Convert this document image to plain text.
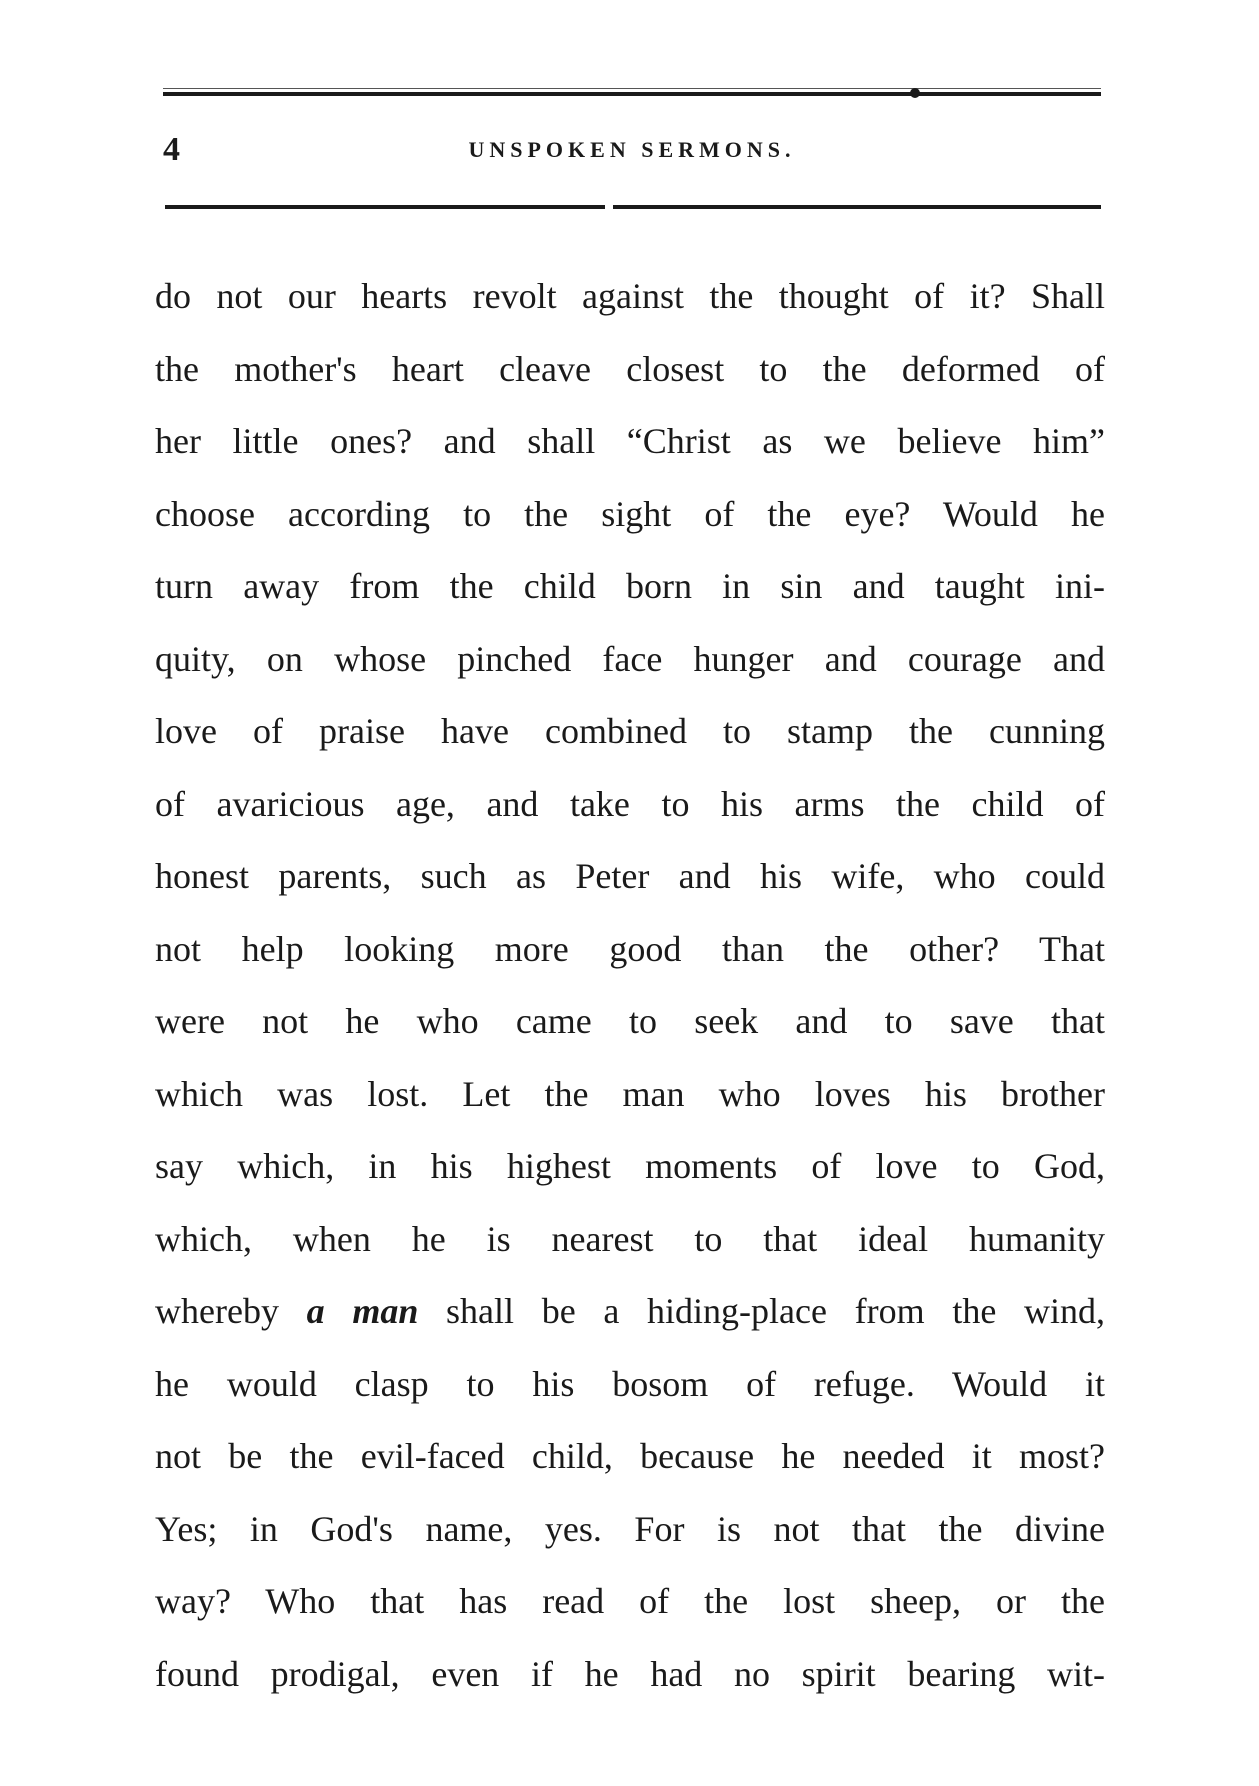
4	UNSPOKEN SERMONS.
do not our hearts revolt against the thought of it? Shall
the mother's heart cleave closest to the deformed of
her little ones? and shall “Christ as we believe him”
choose according to the sight of the eye? Would he
turn away from the child born in sin and taught ini-
quity, on whose pinched face hunger and courage and
love of praise have combined to stamp the cunning
of avaricious age, and take to his arms the child of
honest parents, such as Peter and his wife, who could
not help looking more good than the other? That
were not he who came to seek and to save that
which was lost. Let the man who loves his brother
say which, in his highest moments of love to God,
which, when he is nearest to that ideal humanity
whereby a man shall be a hiding-place from the wind,
he would clasp to his bosom of refuge. Would it
not be the evil-faced child, because he needed it most?
Yes; in God's name, yes. For is not that the divine
way? Who that has read of the lost sheep, or the
found prodigal, even if he had no spirit bearing wit-
